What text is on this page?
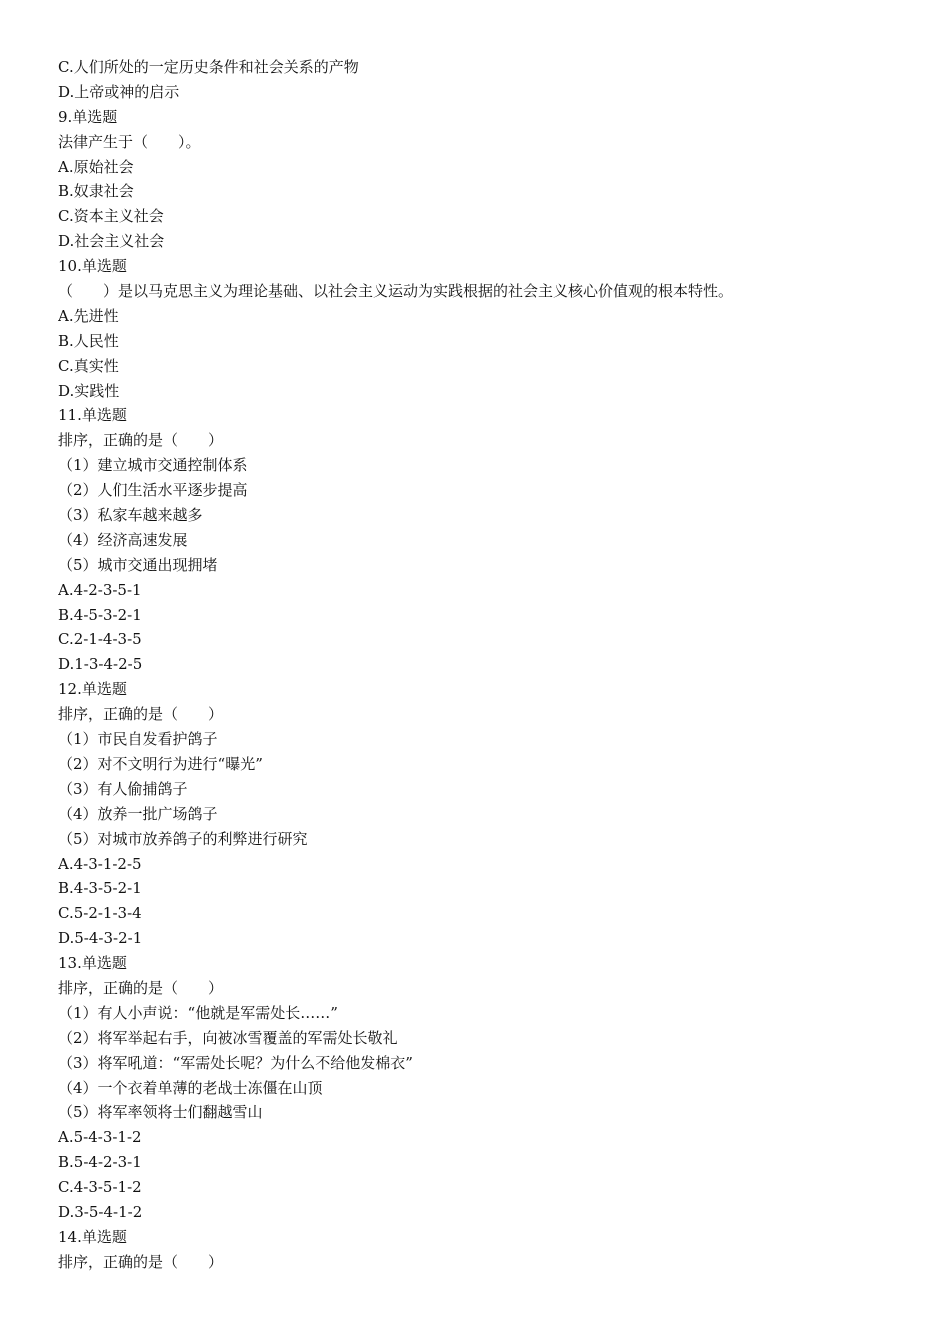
C.人们所处的一定历史条件和社会关系的产物
D.上帝或神的启示
9.单选题
法律产生于（　　）。
A.原始社会
B.奴隶社会
C.资本主义社会
D.社会主义社会
10.单选题
（　　）是以马克思主义为理论基础、以社会主义运动为实践根据的社会主义核心价值观的根本特性。
A.先进性
B.人民性
C.真实性
D.实践性
11.单选题
排序，正确的是（　　）
（1）建立城市交通控制体系
（2）人们生活水平逐步提高
（3）私家车越来越多
（4）经济高速发展
（5）城市交通出现拥堵
A.4-2-3-5-1
B.4-5-3-2-1
C.2-1-4-3-5
D.1-3-4-2-5
12.单选题
排序，正确的是（　　）
（1）市民自发看护鸽子
（2）对不文明行为进行“曝光”
（3）有人偷捕鸽子
（4）放养一批广场鸽子
（5）对城市放养鸽子的利弊进行研究
A.4-3-1-2-5
B.4-3-5-2-1
C.5-2-1-3-4
D.5-4-3-2-1
13.单选题
排序，正确的是（　　）
（1）有人小声说：“他就是军需处长……”
（2）将军举起右手，向被冰雪覆盖的军需处长敬礼
（3）将军吼道：“军需处长呢？为什么不给他发棉衣”
（4）一个衣着单薄的老战士冻僵在山顶
（5）将军率领将士们翻越雪山
A.5-4-3-1-2
B.5-4-2-3-1
C.4-3-5-1-2
D.3-5-4-1-2
14.单选题
排序，正确的是（　　）
